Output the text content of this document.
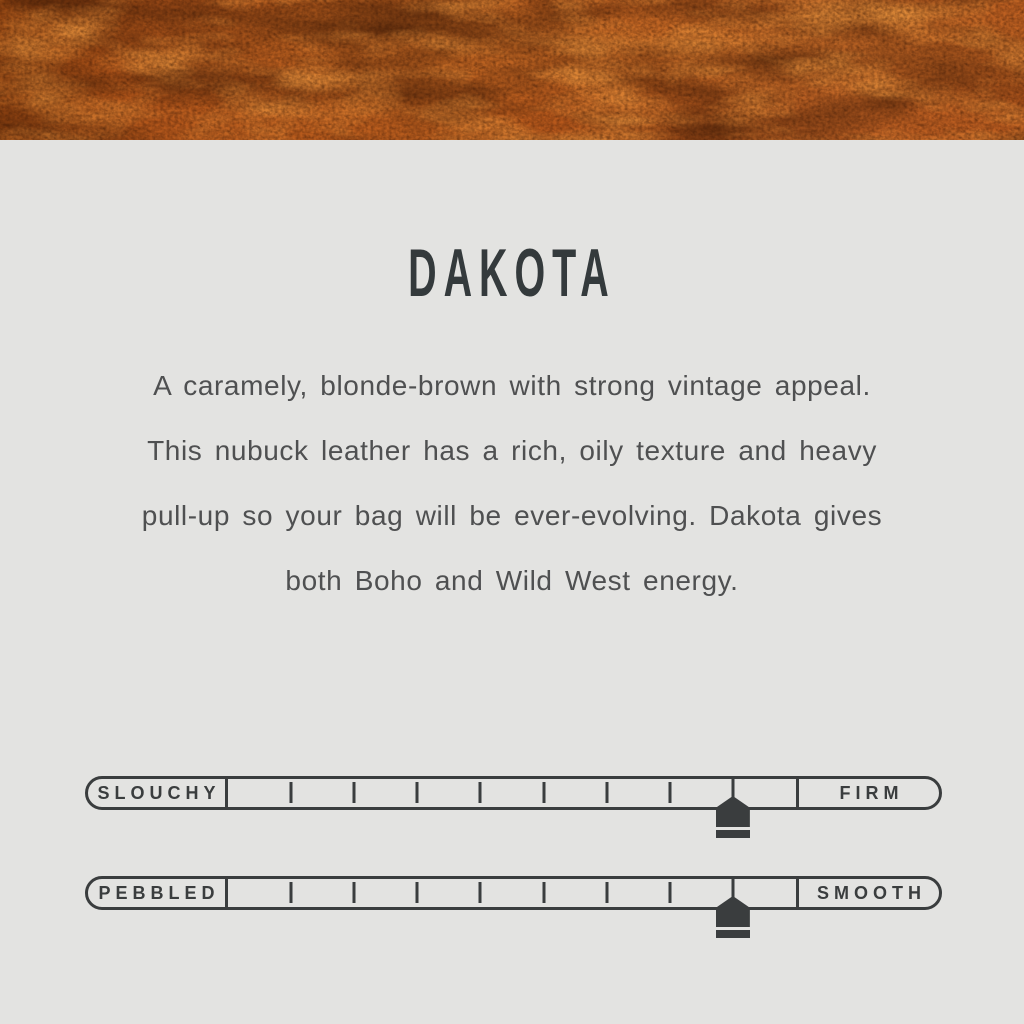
DAKOTA

A caramely, blonde-brown with strong vintage appeal.

This nubuck leather has a rich, oily texture and heavy

pull-up so your bag will be ever-evolving. Dakota gives

both Boho and Wild West energy.

SLOUCHY	FIRM
PEBBLED	SMOOTH
